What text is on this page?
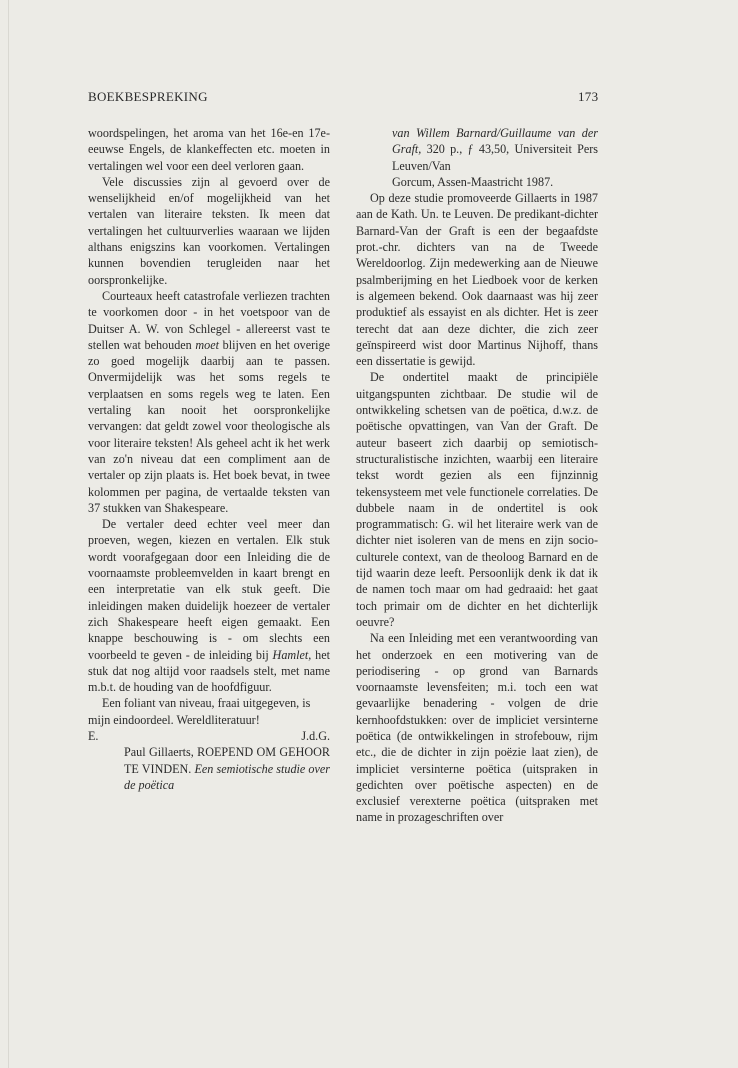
BOEKBESPREKING	173

woordspelingen, het aroma van het 16e-en 17e-eeuwse Engels, de klankeffecten etc. moeten in vertalingen wel voor een deel verloren gaan.

Vele discussies zijn al gevoerd over de wenselijkheid en/of mogelijkheid van het vertalen van literaire teksten. Ik meen dat vertalingen het cultuurverlies waaraan we lijden althans enigszins kan voorkomen. Vertalingen kunnen bovendien terugleiden naar het oorspronkelijke.

Courteaux heeft catastrofale verliezen trachten te voorkomen door - in het voetspoor van de Duitser A. W. von Schlegel - allereerst vast te stellen wat behouden moet blijven en het overige zo goed mogelijk daarbij aan te passen. Onvermijdelijk was het soms regels te verplaatsen en soms regels weg te laten. Een vertaling kan nooit het oorspronkelijke vervangen: dat geldt zowel voor theologische als voor literaire teksten! Als geheel acht ik het werk van zo'n niveau dat een compliment aan de vertaler op zijn plaats is. Het boek bevat, in twee kolommen per pagina, de vertaalde teksten van 37 stukken van Shakespeare.

De vertaler deed echter veel meer dan proeven, wegen, kiezen en vertalen. Elk stuk wordt voorafgegaan door een Inleiding die de voornaamste probleemvelden in kaart brengt en een interpretatie van elk stuk geeft. Die inleidingen maken duidelijk hoezeer de vertaler zich Shakespeare heeft eigen gemaakt. Een knappe beschouwing is - om slechts een voorbeeld te geven - de inleiding bij Hamlet, het stuk dat nog altijd voor raadsels stelt, met name m.b.t. de houding van de hoofdfiguur.

Een foliant van niveau, fraai uitgegeven, is mijn eindoordeel. Wereldliteratuur!

E.	J.d.G.

Paul Gillaerts, ROEPEND OM GEHOOR TE VINDEN. Een semiotische studie over de poëtica

van Willem Barnard/Guillaume van der Graft, 320 p., ƒ 43,50, Universiteit Pers Leuven/Van

Gorcum, Assen-Maastricht 1987.

Op deze studie promoveerde Gillaerts in 1987 aan de Kath. Un. te Leuven. De predikant-dichter Barnard-Van der Graft is een der begaafdste prot.-chr. dichters van na de Tweede Wereldoorlog. Zijn medewerking aan de Nieuwe psalmberijming en het Liedboek voor de kerken is algemeen bekend. Ook daarnaast was hij zeer produktief als essayist en als dichter. Het is zeer terecht dat aan deze dichter, die zich zeer geïnspireerd wist door Martinus Nijhoff, thans een dissertatie is gewijd.

De ondertitel maakt de principiële uitgangspunten zichtbaar. De studie wil de ontwikkeling schetsen van de poëtica, d.w.z. de poëtische opvattingen, van Van der Graft. De auteur baseert zich daarbij op semiotisch-structuralistische inzichten, waarbij een literaire tekst wordt gezien als een fijnzinnig tekensysteem met vele functionele correlaties. De dubbele naam in de ondertitel is ook programmatisch: G. wil het literaire werk van de dichter niet isoleren van de mens en zijn socio-culturele context, van de theoloog Barnard en de tijd waarin deze leeft. Persoonlijk denk ik dat ik de namen toch maar om had gedraaid: het gaat toch primair om de dichter en het dichterlijk oeuvre?

Na een Inleiding met een verantwoording van het onderzoek en een motivering van de periodisering - op grond van Barnards voornaamste levensfeiten; m.i. toch een wat gevaarlijke benadering - volgen de drie kernhoofdstukken: over de impliciet versinterne poëtica (de ontwikkelingen in strofebouw, rijm etc., die de dichter in zijn poëzie laat zien), de impliciet versinterne poëtica (uitspraken in gedichten over poëtische aspecten) en de exclusief verexterne poëtica (uitspraken met name in prozageschriften over
